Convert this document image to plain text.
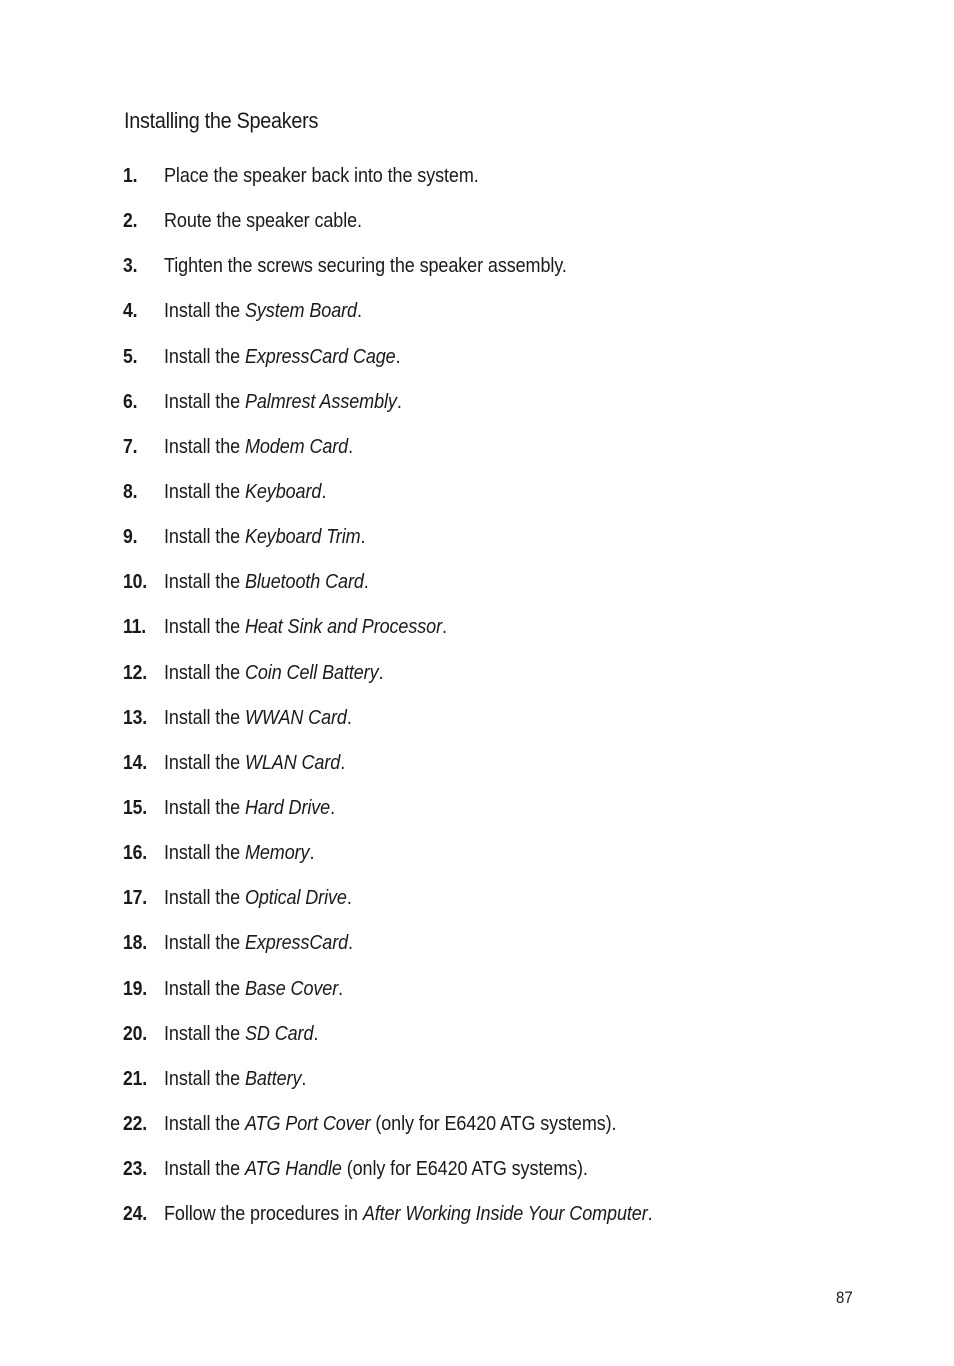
Installing the Speakers
1. Place the speaker back into the system.
2. Route the speaker cable.
3. Tighten the screws securing the speaker assembly.
4. Install the System Board.
5. Install the ExpressCard Cage.
6. Install the Palmrest Assembly.
7. Install the Modem Card.
8. Install the Keyboard.
9. Install the Keyboard Trim.
10. Install the Bluetooth Card.
11. Install the Heat Sink and Processor.
12. Install the Coin Cell Battery.
13. Install the WWAN Card.
14. Install the WLAN Card.
15. Install the Hard Drive.
16. Install the Memory.
17. Install the Optical Drive.
18. Install the ExpressCard.
19. Install the Base Cover.
20. Install the SD Card.
21. Install the Battery.
22. Install the ATG Port Cover (only for E6420 ATG systems).
23. Install the ATG Handle (only for E6420 ATG systems).
24. Follow the procedures in After Working Inside Your Computer.
87
